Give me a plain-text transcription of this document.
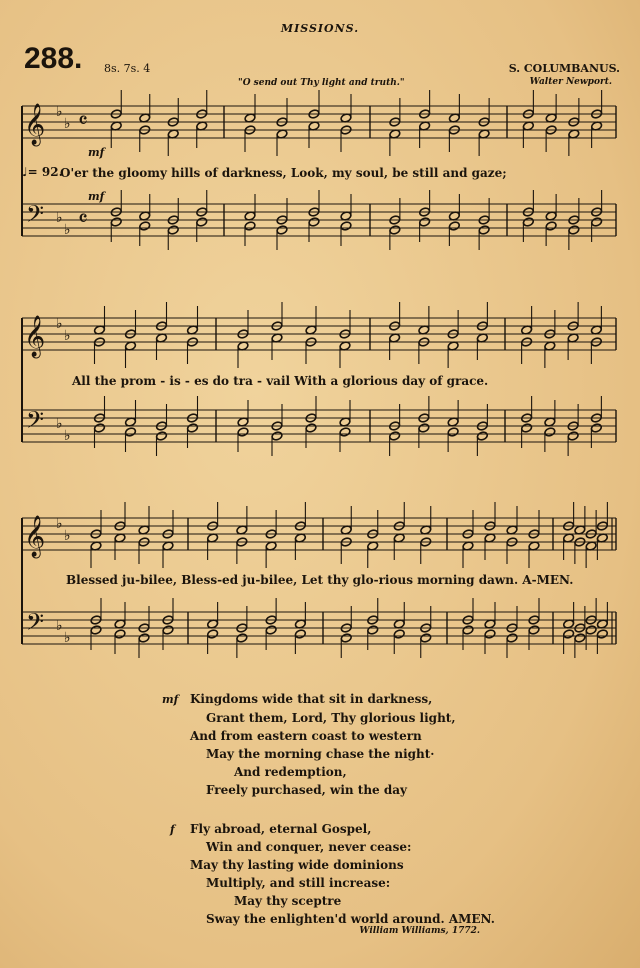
MISSIONS.
288. 8s. 7s. 4	S. COLUMBANUS.
Walter Newport.
"O send out Thy light and truth."
𝄞
𝄢
♭
♭
♭
♭
𝄴
𝄴
𝄞
𝄢
♭
♭
♭
♭
𝄞
𝄢
♭
♭
♭
♭
♩= 92.
mf
mf
O'er the gloomy hills of darkness, Look, my soul, be still and gaze;
All the prom - is - es do tra - vail With a glorious day of grace.
Blessed ju-bilee, Bless-ed ju-bilee, Let thy glo-rious morning dawn. A-MEN.
mf Kingdoms wide that sit in darkness,
Grant them, Lord, Thy glorious light,
And from eastern coast to western
May the morning chase the night·
And redemption,
Freely purchased, win the day
f Fly abroad, eternal Gospel,
Win and conquer, never cease:
May thy lasting wide dominions
Multiply, and still increase:
May thy sceptre
Sway the enlighten'd world around. AMEN.
William Williams, 1772.
